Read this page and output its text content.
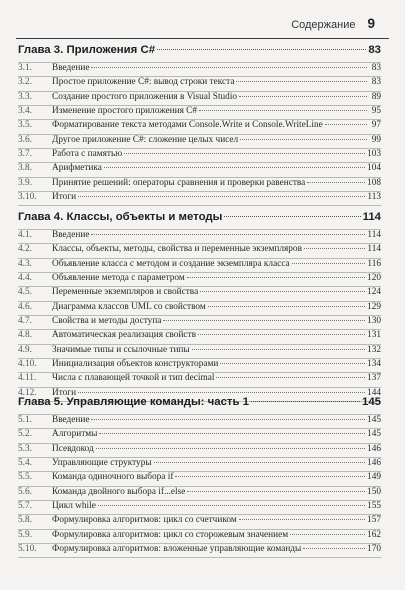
Содержание 9
Глава 3. Приложения C#	83
3.1.	Введение	83
3.2.	Простое приложение C#: вывод строки текста	83
3.3.	Создание простого приложения в Visual Studio	89
3.4.	Изменение простого приложения C#	95
3.5.	Форматирование текста методами Console.Write и Console.WriteLine	97
3.6.	Другое приложение C#: сложение целых чисел	99
3.7.	Работа с памятью	103
3.8.	Арифметика	104
3.9.	Принятие решений: операторы сравнения и проверки равенства	108
3.10.	Итоги	113
Глава 4. Классы, объекты и методы	114
4.1.	Введение	114
4.2.	Классы, объекты, методы, свойства и переменные экземпляров	114
4.3.	Объявление класса с методом и создание экземпляра класса	116
4.4.	Объявление метода с параметром	120
4.5.	Переменные экземпляров и свойства	124
4.6.	Диаграмма классов UML со свойством	129
4.7.	Свойства и методы доступа	130
4.8.	Автоматическая реализация свойств	131
4.9.	Значимые типы и ссылочные типы	132
4.10.	Инициализация объектов конструкторами	134
4.11.	Числа с плавающей точкой и тип decimal	137
4.12.	Итоги	144
Глава 5. Управляющие команды: часть 1	145
5.1.	Введение	145
5.2.	Алгоритмы	145
5.3.	Псевдокод	146
5.4.	Управляющие структуры	146
5.5.	Команда одиночного выбора if	149
5.6.	Команда двойного выбора if...else	150
5.7.	Цикл while	155
5.8.	Формулировка алгоритмов: цикл со счетчиком	157
5.9.	Формулировка алгоритмов: цикл со сторожевым значением	162
5.10.	Формулировка алгоритмов: вложенные управляющие команды	170
